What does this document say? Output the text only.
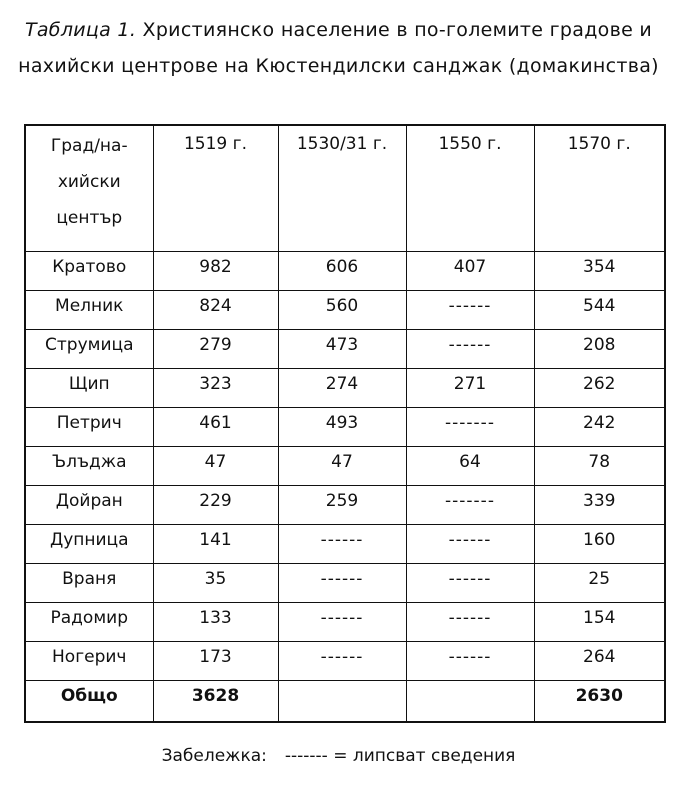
Таблица 1. Християнско население в по-големите градове и
нахийски центрове на Кюстендилски санджак (домакинства)
Град/на-
хийски
център	1519 г.	1530/31 г.	1550 г.	1570 г.
Кратово	982	606	407	354
Мелник	824	560	------	544
Струмица	279	473	------	208
Щип	323	274	271	262
Петрич	461	493	-------	242
Ълъджа	47	47	64	78
Дойран	229	259	-------	339
Дупница	141	------	------	160
Враня	35	------	------	25
Радомир	133	------	------	154
Ногерич	173	------	------	264
Общо	3628			2630
Забележка: ------- = липсват сведения
